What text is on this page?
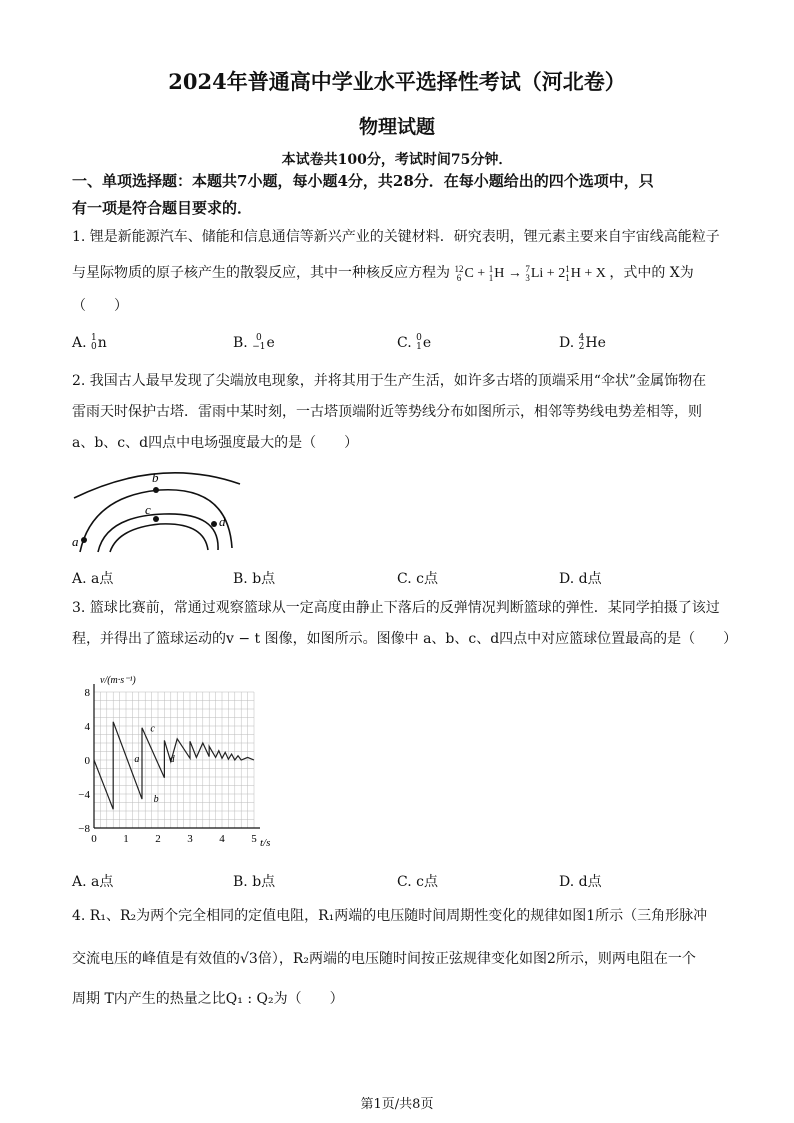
2024年普通高中学业水平选择性考试（河北卷）
物理试题
本试卷共100分，考试时间75分钟．
一、单项选择题：本题共7小题，每小题4分，共28分．在每小题给出的四个选项中，只
有一项是符合题目要求的．
1. 锂是新能源汽车、储能和信息通信等新兴产业的关键材料．研究表明，锂元素主要来自宇宙线高能粒子
与星际物质的原子核产生的散裂反应，其中一种核反应方程为 12
6 C + 1
1H → 7
3Li + 21
1H + X ，式中的 X为
（　　）
A. 1
0n	B. 0
−1e	C. 0
1e	D. 4
2He
2. 我国古人最早发现了尖端放电现象，并将其用于生产生活，如许多古塔的顶端采用“伞状”金属饰物在
雷雨天时保护古塔．雷雨中某时刻，一古塔顶端附近等势线分布如图所示，相邻等势线电势差相等，则
a、b、c、d四点中电场强度最大的是（　　）
a
b
c
d
A. a点	B. b点	C. c点	D. d点
3. 篮球比赛前，常通过观察篮球从一定高度由静止下落后的反弹情况判断篮球的弹性．某同学拍摄了该过
程，并得出了篮球运动的v − t 图像，如图所示。图像中 a、b、c、d四点中对应篮球位置最高的是（　　）
8
4
0
−4
−8
0 1 2 3 4 5
a
b
c
d
v/(m·s⁻¹)
t/s
A. a点	B. b点	C. c点	D. d点
4. R₁、R₂为两个完全相同的定值电阻，R₁两端的电压随时间周期性变化的规律如图1所示（三角形脉冲
交流电压的峰值是有效值的√3倍），R₂两端的电压随时间按正弦规律变化如图2所示，则两电阻在一个
周期 T内产生的热量之比Q₁ : Q₂为（　　）
第1页/共8页
